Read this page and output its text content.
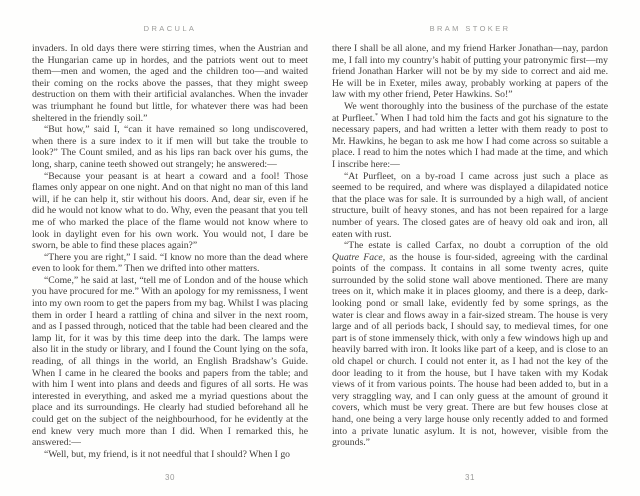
DRACULA

invaders. In old days there were stirring times, when the Austrian and the Hungarian came up in hordes, and the patriots went out to meet them—men and women, the aged and the children too—and waited their coming on the rocks above the passes, that they might sweep destruction on them with their artificial avalanches. When the invader was triumphant he found but little, for whatever there was had been sheltered in the friendly soil.”

“But how,” said I, “can it have remained so long undiscovered, when there is a sure index to it if men will but take the trouble to look?” The Count smiled, and as his lips ran back over his gums, the long, sharp, canine teeth showed out strangely; he answered:—

“Because your peasant is at heart a coward and a fool! Those flames only appear on one night. And on that night no man of this land will, if he can help it, stir without his doors. And, dear sir, even if he did he would not know what to do. Why, even the peasant that you tell me of who marked the place of the flame would not know where to look in daylight even for his own work. You would not, I dare be sworn, be able to find these places again?”

“There you are right,” I said. “I know no more than the dead where even to look for them.” Then we drifted into other matters.

“Come,” he said at last, “tell me of London and of the house which you have procured for me.” With an apology for my remissness, I went into my own room to get the papers from my bag. Whilst I was placing them in order I heard a rattling of china and silver in the next room, and as I passed through, noticed that the table had been cleared and the lamp lit, for it was by this time deep into the dark. The lamps were also lit in the study or library, and I found the Count lying on the sofa, reading, of all things in the world, an English Bradshaw’s Guide. When I came in he cleared the books and papers from the table; and with him I went into plans and deeds and figures of all sorts. He was interested in everything, and asked me a myriad questions about the place and its surroundings. He clearly had studied beforehand all he could get on the subject of the neighbourhood, for he evidently at the end knew very much more than I did. When I remarked this, he answered:—

“Well, but, my friend, is it not needful that I should? When I go

30
BRAM STOKER

there I shall be all alone, and my friend Harker Jonathan—nay, pardon me, I fall into my country’s habit of putting your patronymic first—my friend Jonathan Harker will not be by my side to correct and aid me. He will be in Exeter, miles away, probably working at papers of the law with my other friend, Peter Hawkins. So!”

We went thoroughly into the business of the purchase of the estate at Purfleet.* When I had told him the facts and got his signature to the necessary papers, and had written a letter with them ready to post to Mr. Hawkins, he began to ask me how I had come across so suitable a place. I read to him the notes which I had made at the time, and which I inscribe here:—

“At Purfleet, on a by-road I came across just such a place as seemed to be required, and where was displayed a dilapidated notice that the place was for sale. It is surrounded by a high wall, of ancient structure, built of heavy stones, and has not been repaired for a large number of years. The closed gates are of heavy old oak and iron, all eaten with rust.

“The estate is called Carfax, no doubt a corruption of the old Quatre Face, as the house is four-sided, agreeing with the cardinal points of the compass. It contains in all some twenty acres, quite surrounded by the solid stone wall above mentioned. There are many trees on it, which make it in places gloomy, and there is a deep, dark-looking pond or small lake, evidently fed by some springs, as the water is clear and flows away in a fair-sized stream. The house is very large and of all periods back, I should say, to medieval times, for one part is of stone immensely thick, with only a few windows high up and heavily barred with iron. It looks like part of a keep, and is close to an old chapel or church. I could not enter it, as I had not the key of the door leading to it from the house, but I have taken with my Kodak views of it from various points. The house had been added to, but in a very straggling way, and I can only guess at the amount of ground it covers, which must be very great. There are but few houses close at hand, one being a very large house only recently added to and formed into a private lunatic asylum. It is not, however, visible from the grounds.”

31
